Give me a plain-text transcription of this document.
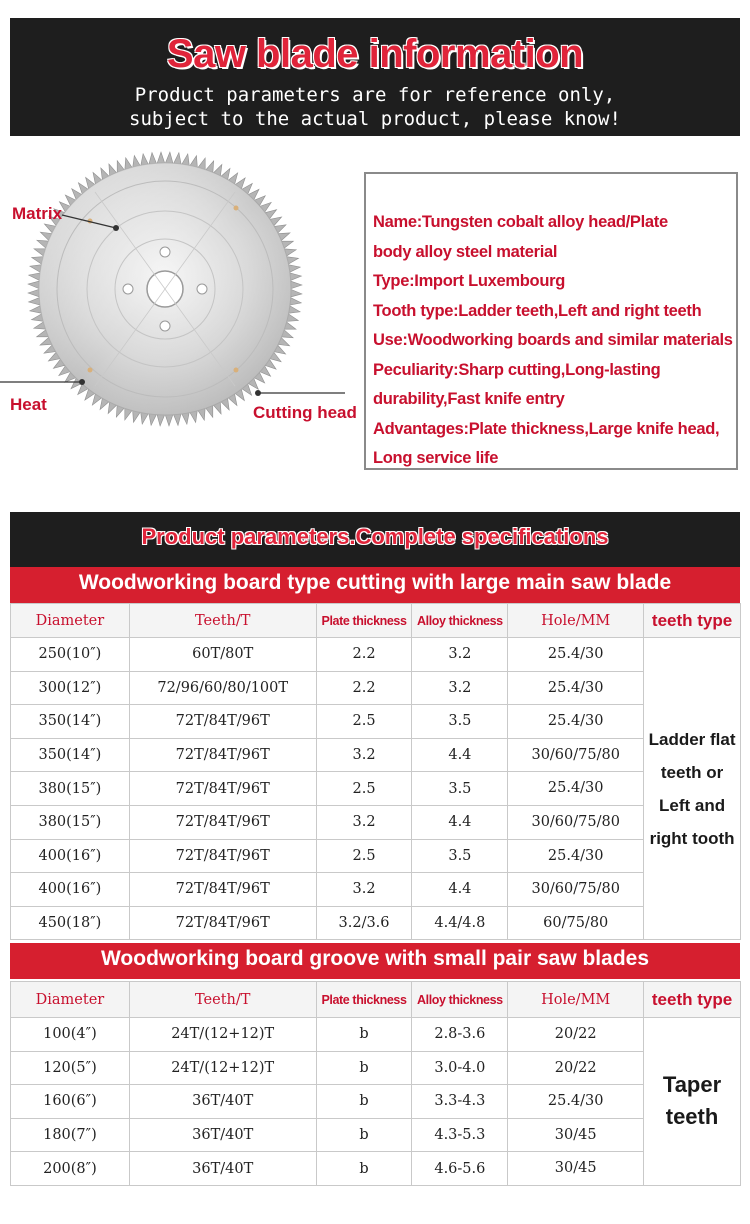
Saw blade information
Product parameters are for reference only,
subject to the actual product, please know!
Matrix
Heat	Cutting head

Name:Tungsten cobalt alloy head/Plate

body alloy steel material

Type:Import Luxembourg

Tooth type:Ladder teeth,Left and right teeth

Use:Woodworking boards and similar materials

Peculiarity:Sharp cutting,Long-lasting

durability,Fast knife entry

Advantages:Plate thickness,Large knife head,

Long service life

Product parameters.Complete specifications
Woodworking board type cutting with large main saw blade
Diameter	Teeth/T	Plate thickness	Alloy thickness	Hole/MM	teeth type
250(10″)	60T/80T	2.2	3.2	25.4/30	Ladder flat
teeth or
Left and
right tooth

300(12″)	72/96/60/80/100T	2.2	3.2	25.4/30	
350(14″)	72T/84T/96T	2.5	3.5	25.4/30	
350(14″)	72T/84T/96T	3.2	4.4	30/60/75/80	
380(15″)	72T/84T/96T	2.5	3.5	25.4/30	
380(15″)	72T/84T/96T	3.2	4.4	30/60/75/80	
400(16″)	72T/84T/96T	2.5	3.5	25.4/30	
400(16″)	72T/84T/96T	3.2	4.4	30/60/75/80	
450(18″)	72T/84T/96T	3.2/3.6	4.4/4.8	60/75/80	
Woodworking board groove with small pair saw blades
Diameter	Teeth/T	Plate thickness	Alloy thickness	Hole/MM	teeth type
100(4″)	24T/(12+12)T	b	2.8-3.6	20/22	Taper
teeth

120(5″)	24T/(12+12)T	b	3.0-4.0	20/22	
160(6″)	36T/40T	b	3.3-4.3	25.4/30	
180(7″)	36T/40T	b	4.3-5.3	30/45	
200(8″)	36T/40T	b	4.6-5.6	30/45	
